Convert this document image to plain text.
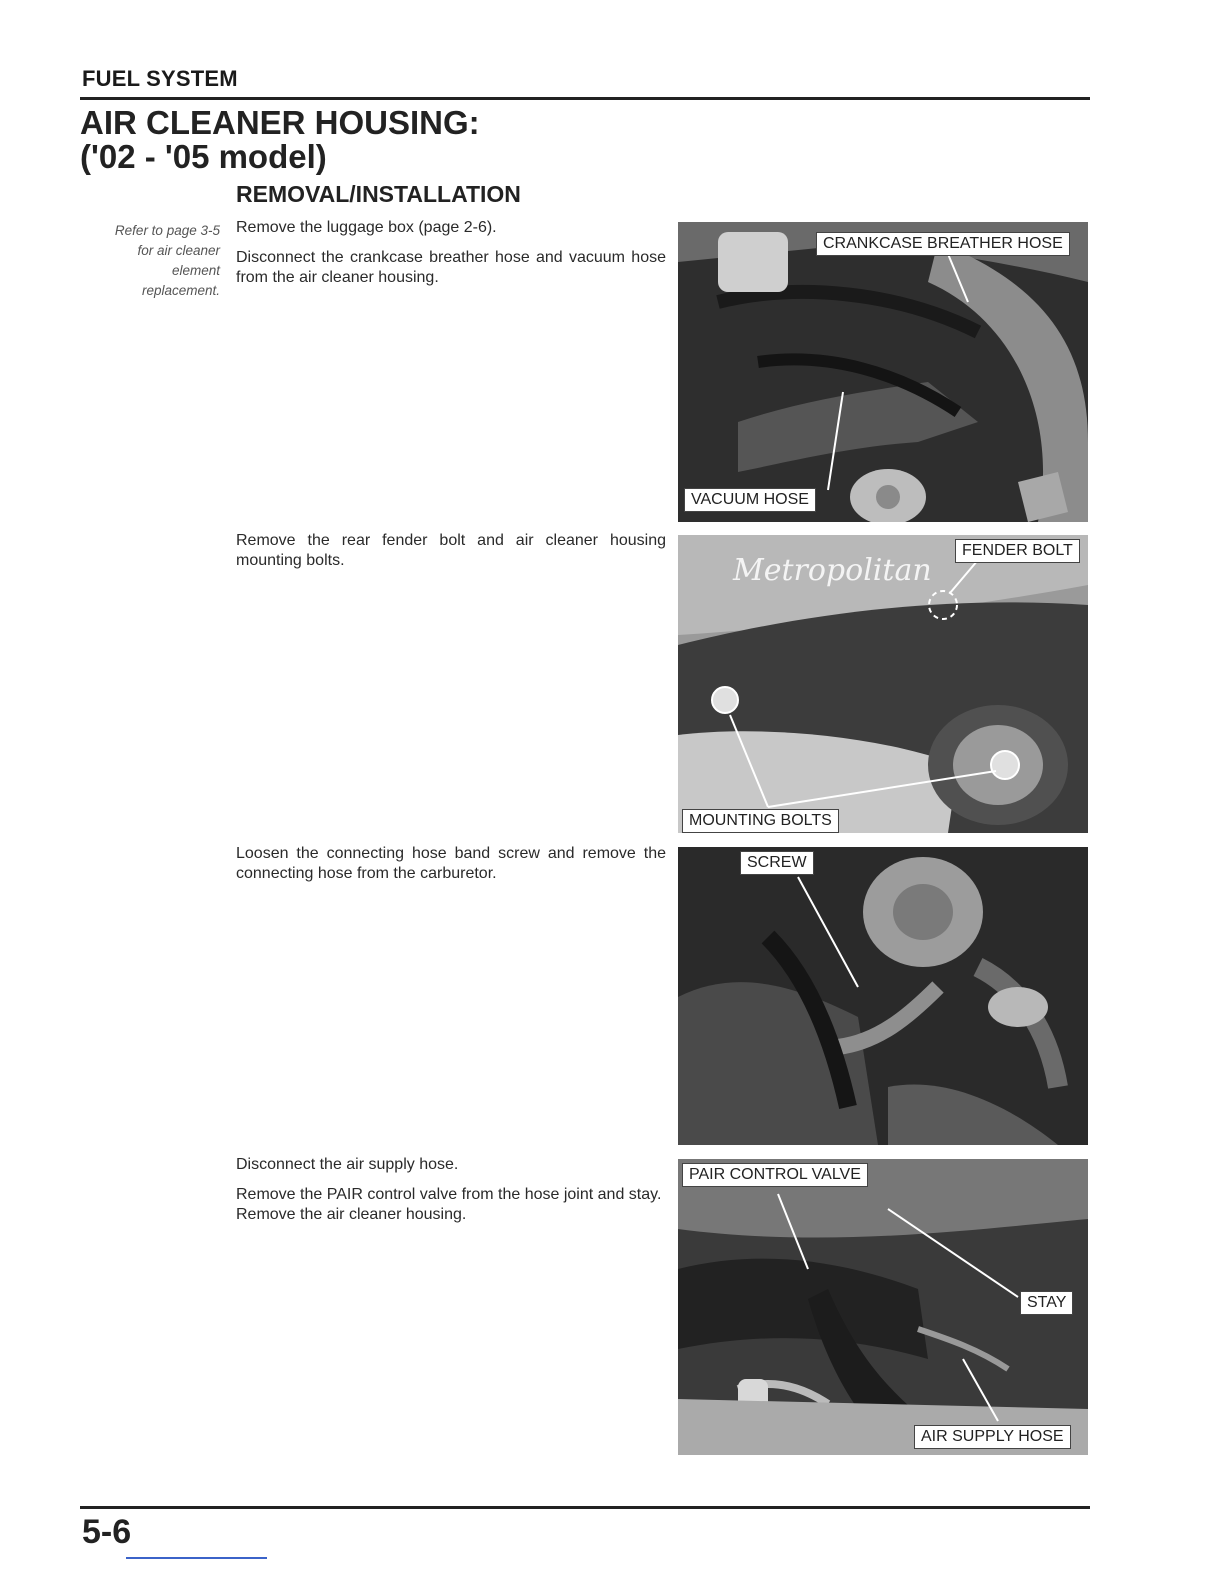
FUEL SYSTEM
AIR CLEANER HOUSING:
('02 - '05 model)
REMOVAL/INSTALLATION
Refer to page 3-5
for air cleaner
element
replacement.

Remove the luggage box (page 2-6).

Disconnect the crankcase breather hose and vacuum hose from the air cleaner housing.

Remove the rear fender bolt and air cleaner housing mounting bolts.

Loosen the connecting hose band screw and remove the connecting hose from the carburetor.

Disconnect the air supply hose.

Remove the PAIR control valve from the hose joint and stay.

Remove the air cleaner housing.

CRANKCASE BREATHER HOSE
VACUUM HOSE
Metropolitan
FENDER BOLT
MOUNTING BOLTS
SCREW
PAIR CONTROL VALVE
STAY
AIR SUPPLY HOSE
5-6
